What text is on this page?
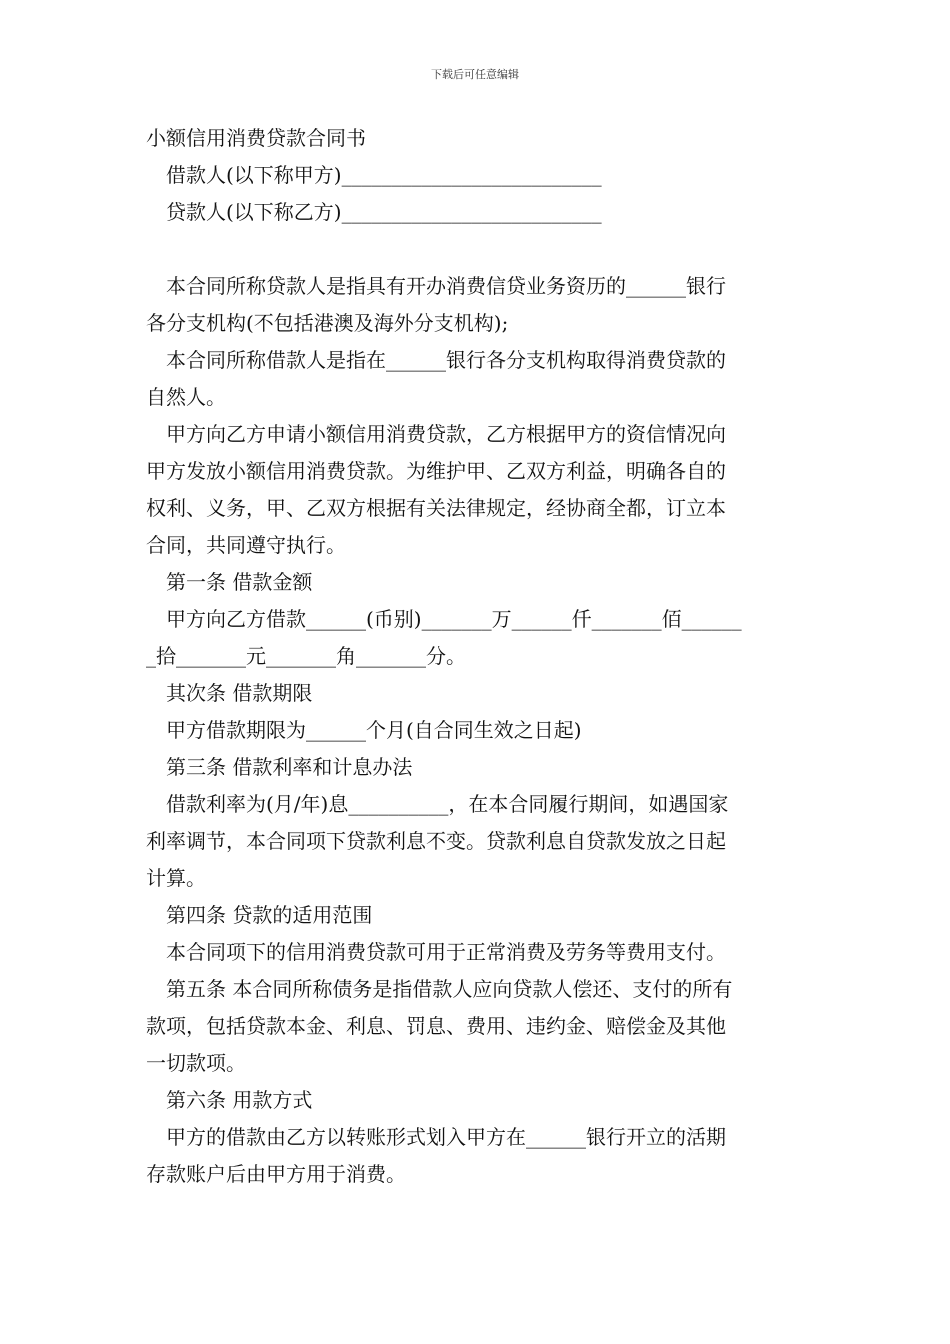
下载后可任意编辑
小额信用消费贷款合同书
借款人(以下称甲方)__________________________
贷款人(以下称乙方)__________________________
本合同所称贷款人是指具有开办消费信贷业务资历的______银行
各分支机构(不包括港澳及海外分支机构);
本合同所称借款人是指在______银行各分支机构取得消费贷款的
自然人。
甲方向乙方申请小额信用消费贷款，乙方根据甲方的资信情况向
甲方发放小额信用消费贷款。为维护甲、乙双方利益，明确各自的
权利、义务，甲、乙双方根据有关法律规定，经协商全都，订立本
合同，共同遵守执行。
第一条 借款金额
甲方向乙方借款______(币别)_______万______仟_______佰______
_拾_______元_______角_______分。
其次条 借款期限
甲方借款期限为______个月(自合同生效之日起)
第三条 借款利率和计息办法
借款利率为(月/年)息__________，在本合同履行期间，如遇国家
利率调节，本合同项下贷款利息不变。贷款利息自贷款发放之日起
计算。
第四条 贷款的适用范围
本合同项下的信用消费贷款可用于正常消费及劳务等费用支付。
第五条 本合同所称债务是指借款人应向贷款人偿还、支付的所有
款项，包括贷款本金、利息、罚息、费用、违约金、赔偿金及其他
一切款项。
第六条 用款方式
甲方的借款由乙方以转账形式划入甲方在______银行开立的活期
存款账户后由甲方用于消费。
